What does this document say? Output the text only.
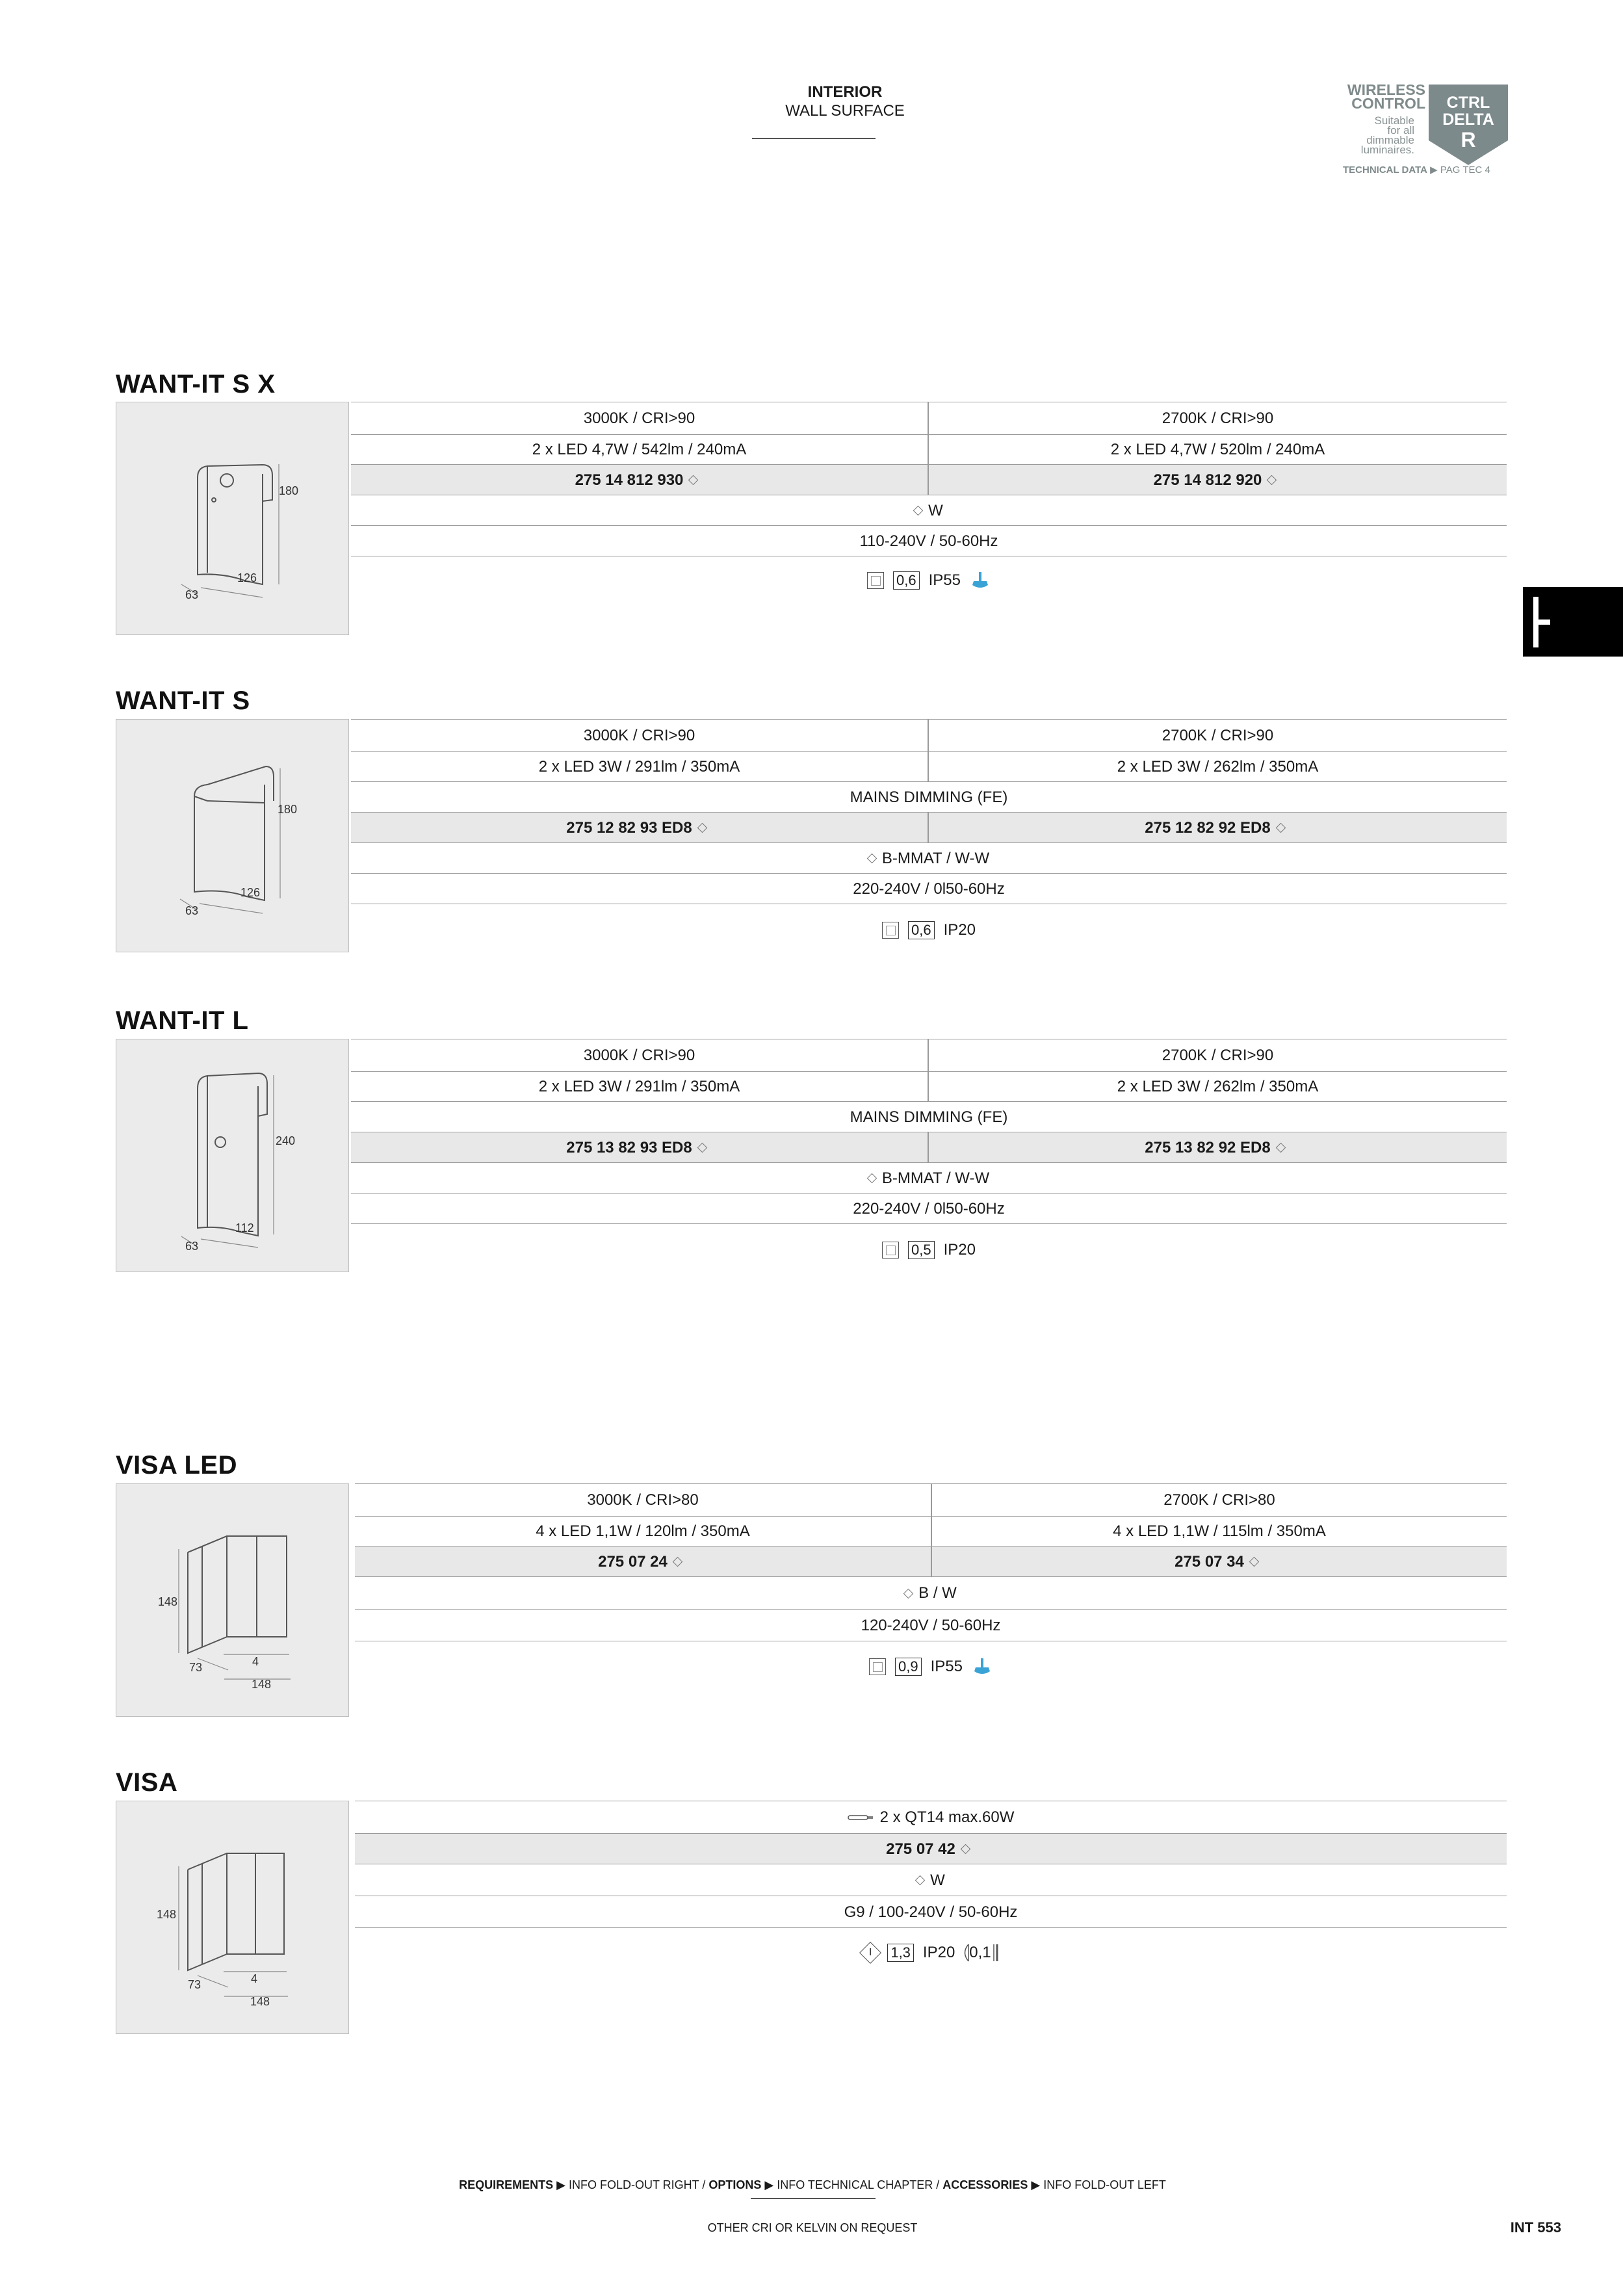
INTERIOR
WALL SURFACE
WIRELESS
CONTROL
Suitable
for all
dimmable
luminaires.
CTRL
DELTA
R
TECHNICAL DATA ▶ PAG TEC 4
WANT-IT S X
180
126
63
3000K / CRI>90	2700K / CRI>90
2 x LED 4,7W / 542lm / 240mA	2 x LED 4,7W / 520lm / 240mA
275 14 812 930	275 14 812 920
W
110-240V / 50-60Hz
0,6 IP55
WANT-IT S
180
126
63
3000K / CRI>90	2700K / CRI>90
2 x LED 3W / 291lm / 350mA	2 x LED 3W / 262lm / 350mA
MAINS DIMMING (FE)
275 12 82 93 ED8	275 12 82 92 ED8
B-MMAT / W-W
220-240V / 0l50-60Hz
0,6 IP20
WANT-IT L
240
112
63
3000K / CRI>90	2700K / CRI>90
2 x LED 3W / 291lm / 350mA	2 x LED 3W / 262lm / 350mA
MAINS DIMMING (FE)
275 13 82 93 ED8	275 13 82 92 ED8
B-MMAT / W-W
220-240V / 0l50-60Hz
0,5 IP20
VISA LED
148
4
73
148
3000K / CRI>80	2700K / CRI>80
4 x LED 1,1W / 120lm / 350mA	4 x LED 1,1W / 115lm / 350mA
275 07 24	275 07 34
B / W
120-240V / 50-60Hz
0,9 IP55
VISA
148
4
73
148
2 x QT14 max.60W
275 07 42
W
G9 / 100-240V / 50-60Hz
I 1,3 IP20 0,1
REQUIREMENTS ▶ INFO FOLD-OUT RIGHT / OPTIONS ▶ INFO TECHNICAL CHAPTER / ACCESSORIES ▶ INFO FOLD-OUT LEFT
OTHER CRI OR KELVIN ON REQUEST	INT 553
